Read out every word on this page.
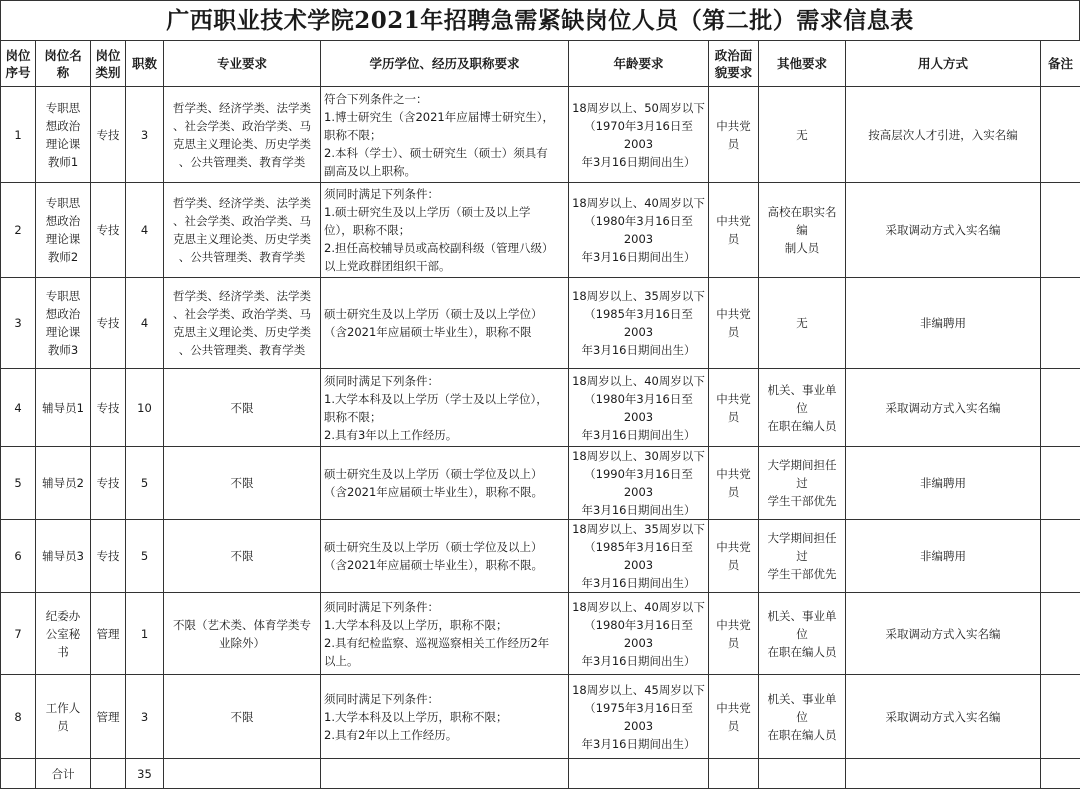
广西职业技术学院2021年招聘急需紧缺岗位人员（第二批）需求信息表
岗位
序号	岗位名
称	岗位
类别	职数	专业要求	学历学位、经历及职称要求	年龄要求	政治面
貌要求	其他要求	用人方式	备注
1	专职思
想政治
理论课
教师1	专技	3	哲学类、经济学类、法学类
、社会学类、政治学类、马
克思主义理论类、历史学类
、公共管理类、教育学类	符合下列条件之一：
1.博士研究生（含2021年应届博士研究生），
职称不限；
2.本科（学士）、硕士研究生（硕士）须具有
副高及以上职称。	18周岁以上、50周岁以下
（1970年3月16日至2003
年3月16日期间出生）	中共党
员	无	按高层次人才引进，入实名编	
2	专职思
想政治
理论课
教师2	专技	4	哲学类、经济学类、法学类
、社会学类、政治学类、马
克思主义理论类、历史学类
、公共管理类、教育学类	须同时满足下列条件：
1.硕士研究生及以上学历（硕士及以上学
位），职称不限；
2.担任高校辅导员或高校副科级（管理八级）
以上党政群团组织干部。	18周岁以上、40周岁以下
（1980年3月16日至2003
年3月16日期间出生）	中共党
员	高校在职实名编
制人员	采取调动方式入实名编	
3	专职思
想政治
理论课
教师3	专技	4	哲学类、经济学类、法学类
、社会学类、政治学类、马
克思主义理论类、历史学类
、公共管理类、教育学类	硕士研究生及以上学历（硕士及以上学位）
（含2021年应届硕士毕业生），职称不限	18周岁以上、35周岁以下
（1985年3月16日至2003
年3月16日期间出生）	中共党
员	无	非编聘用	
4	辅导员1	专技	10	不限	须同时满足下列条件：
1.大学本科及以上学历（学士及以上学位），
职称不限；
2.具有3年以上工作经历。	18周岁以上、40周岁以下
（1980年3月16日至2003
年3月16日期间出生）	中共党
员	机关、事业单位
在职在编人员	采取调动方式入实名编	
5	辅导员2	专技	5	不限	硕士研究生及以上学历（硕士学位及以上）
（含2021年应届硕士毕业生），职称不限。	18周岁以上、30周岁以下
（1990年3月16日至2003
年3月16日期间出生）	中共党
员	大学期间担任过
学生干部优先	非编聘用	
6	辅导员3	专技	5	不限	硕士研究生及以上学历（硕士学位及以上）
（含2021年应届硕士毕业生），职称不限。	18周岁以上、35周岁以下
（1985年3月16日至2003
年3月16日期间出生）	中共党
员	大学期间担任过
学生干部优先	非编聘用	
7	纪委办
公室秘
书	管理	1	不限（艺术类、体育学类专
业除外）	须同时满足下列条件：
1.大学本科及以上学历，职称不限；
2.具有纪检监察、巡视巡察相关工作经历2年
以上。	18周岁以上、40周岁以下
（1980年3月16日至2003
年3月16日期间出生）	中共党
员	机关、事业单位
在职在编人员	采取调动方式入实名编	
8	工作人
员	管理	3	不限	须同时满足下列条件：
1.大学本科及以上学历，职称不限；
2.具有2年以上工作经历。	18周岁以上、45周岁以下
（1975年3月16日至2003
年3月16日期间出生）	中共党
员	机关、事业单位
在职在编人员	采取调动方式入实名编	
	合计		35							
